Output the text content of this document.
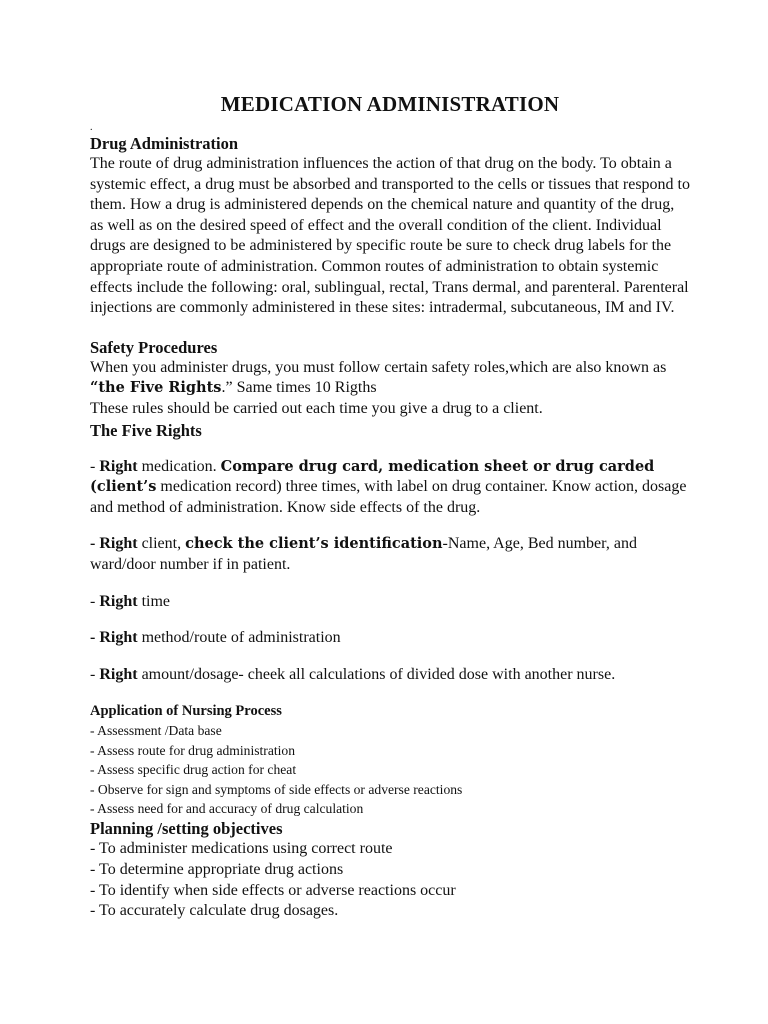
MEDICATION ADMINISTRATION
.
Drug Administration

The route of drug administration influences the action of that drug on the body. To obtain a systemic effect, a drug must be absorbed and transported to the cells or tissues that respond to them. How a drug is administered depends on the chemical nature and quantity of the drug, as well as on the desired speed of effect and the overall condition of the client. Individual drugs are designed to be administered by specific route be sure to check drug labels for the appropriate route of administration. Common routes of administration to obtain systemic effects include the following: oral, sublingual, rectal, Trans dermal, and parenteral. Parenteral injections are commonly administered in these sites: intradermal, subcutaneous, IM and IV.

Safety Procedures

When you administer drugs, you must follow certain safety roles,which are also known as “the Five Rights.” Same times 10 Rigths

These rules should be carried out each time you give a drug to a client.

The Five Rights

- Right medication. Compare drug card, medication sheet or drug carded (client’s medication record) three times, with label on drug container. Know action, dosage and method of administration. Know side effects of the drug.

- Right client, check the client’s identification-Name, Age, Bed number, and ward/door number if in patient.

- Right time

- Right method/route of administration

- Right amount/dosage- cheek all calculations of divided dose with another nurse.

Application of Nursing Process
- Assessment /Data base
- Assess route for drug administration
- Assess specific drug action for cheat
- Observe for sign and symptoms of side effects or adverse reactions
- Assess need for and accuracy of drug calculation
Planning /setting objectives
- To administer medications using correct route
- To determine appropriate drug actions
- To identify when side effects or adverse reactions occur
- To accurately calculate drug dosages.
